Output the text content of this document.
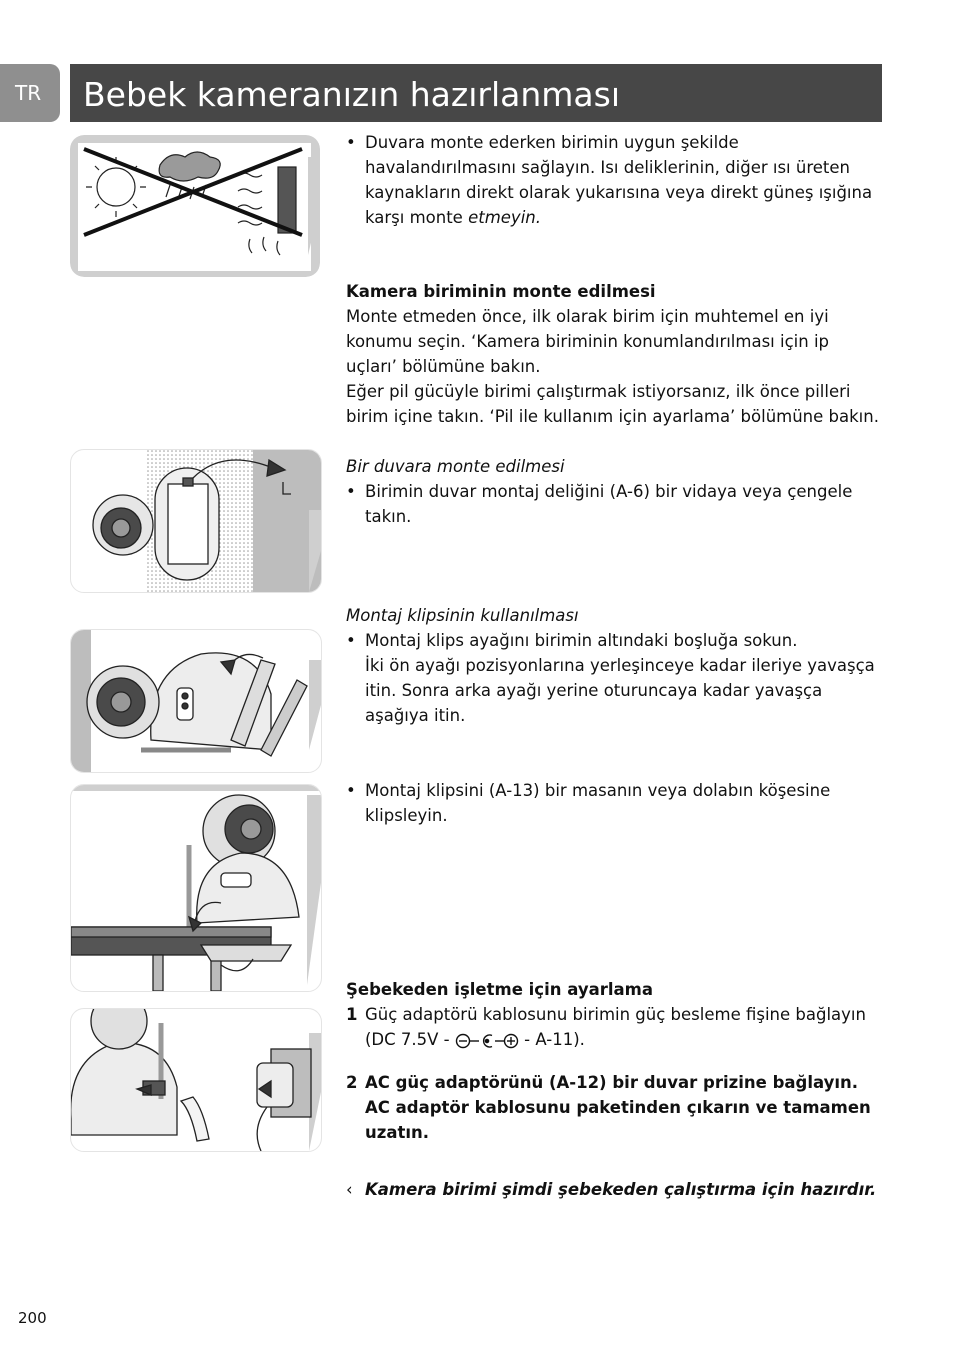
TR Bebek kameranızın hazırlanması
• Duvara monte ederken birimin uygun şekilde havalandırılmasını sağlayın. Isı deliklerinin, diğer ısı üreten kaynakların direkt olarak yukarısına veya direkt güneş ışığına karşı monte etmeyin.
Kamera biriminin monte edilmesi
Monte etmeden önce, ilk olarak birim için muhtemel en iyi konumu seçin. ‘Kamera biriminin konumlandırılması için ip uçları’ bölümüne bakın.
Eğer pil gücüyle birimi çalıştırmak istiyorsanız, ilk önce pilleri birim içine takın. ‘Pil ile kullanım için ayarlama’ bölümüne bakın.
Bir duvara monte edilmesi
• Birimin duvar montaj deliğini (A-6) bir vidaya veya çengele takın.
Montaj klipsinin kullanılması
• Montaj klips ayağını birimin altındaki boşluğa sokun.
İki ön ayağı pozisyonlarına yerleşinceye kadar ileriye yavaşça itin. Sonra arka ayağı yerine oturuncaya kadar yavaşça aşağıya itin.
• Montaj klipsini (A-13) bir masanın veya dolabın köşesine klipsleyin.
Şebekeden işletme için ayarlama
1 Güç adaptörü kablosunu birimin güç besleme fişine bağlayın (DC 7.5V -	- A-11).
2 AC güç adaptörünü (A-12) bir duvar prizine bağlayın. AC adaptör kablosunu paketinden çıkarın ve tamamen uzatın.
‹ Kamera birimi şimdi şebekeden çalıştırma için hazırdır.
200
